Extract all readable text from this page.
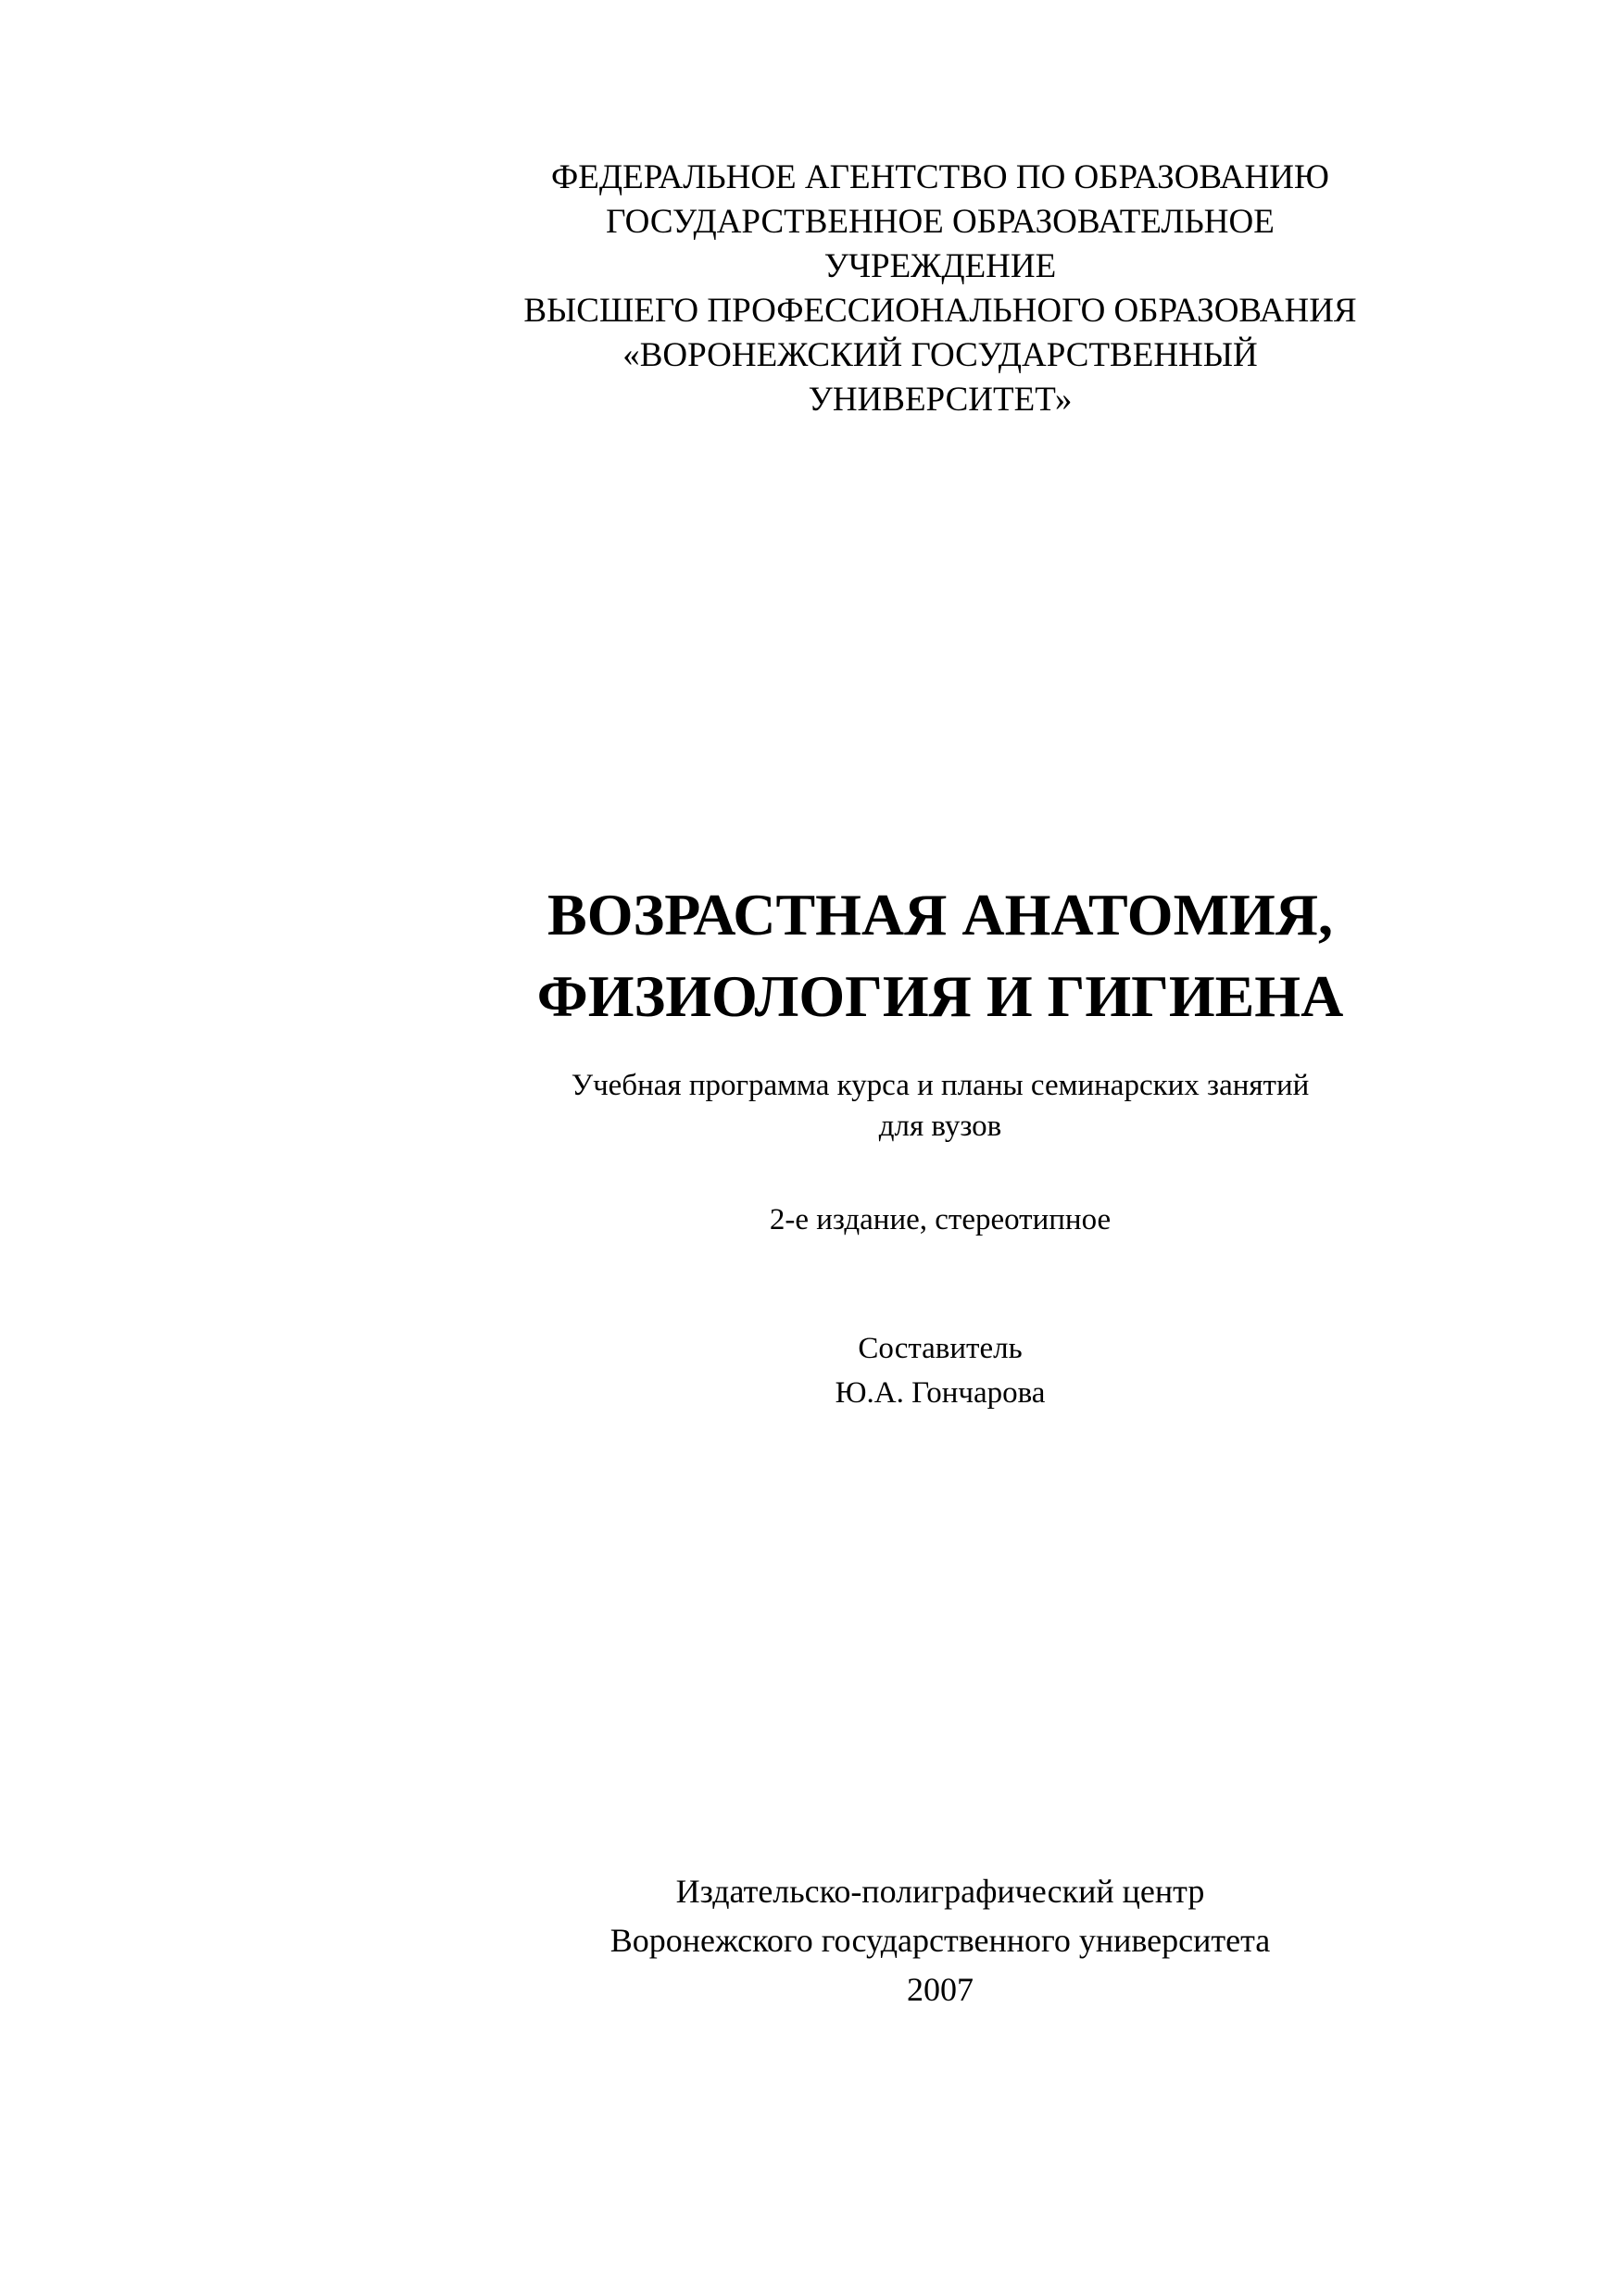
ФЕДЕРАЛЬНОЕ АГЕНТСТВО ПО ОБРАЗОВАНИЮ
ГОСУДАРСТВЕННОЕ ОБРАЗОВАТЕЛЬНОЕ
УЧРЕЖДЕНИЕ
ВЫСШЕГО ПРОФЕССИОНАЛЬНОГО ОБРАЗОВАНИЯ
«ВОРОНЕЖСКИЙ ГОСУДАРСТВЕННЫЙ
УНИВЕРСИТЕТ»
ВОЗРАСТНАЯ АНАТОМИЯ,
ФИЗИОЛОГИЯ И ГИГИЕНА
Учебная программа курса и планы семинарских занятий
для вузов
2-е издание, стереотипное
Составитель
Ю.А. Гончарова
Издательско-полиграфический центр
Воронежского государственного университета
2007
